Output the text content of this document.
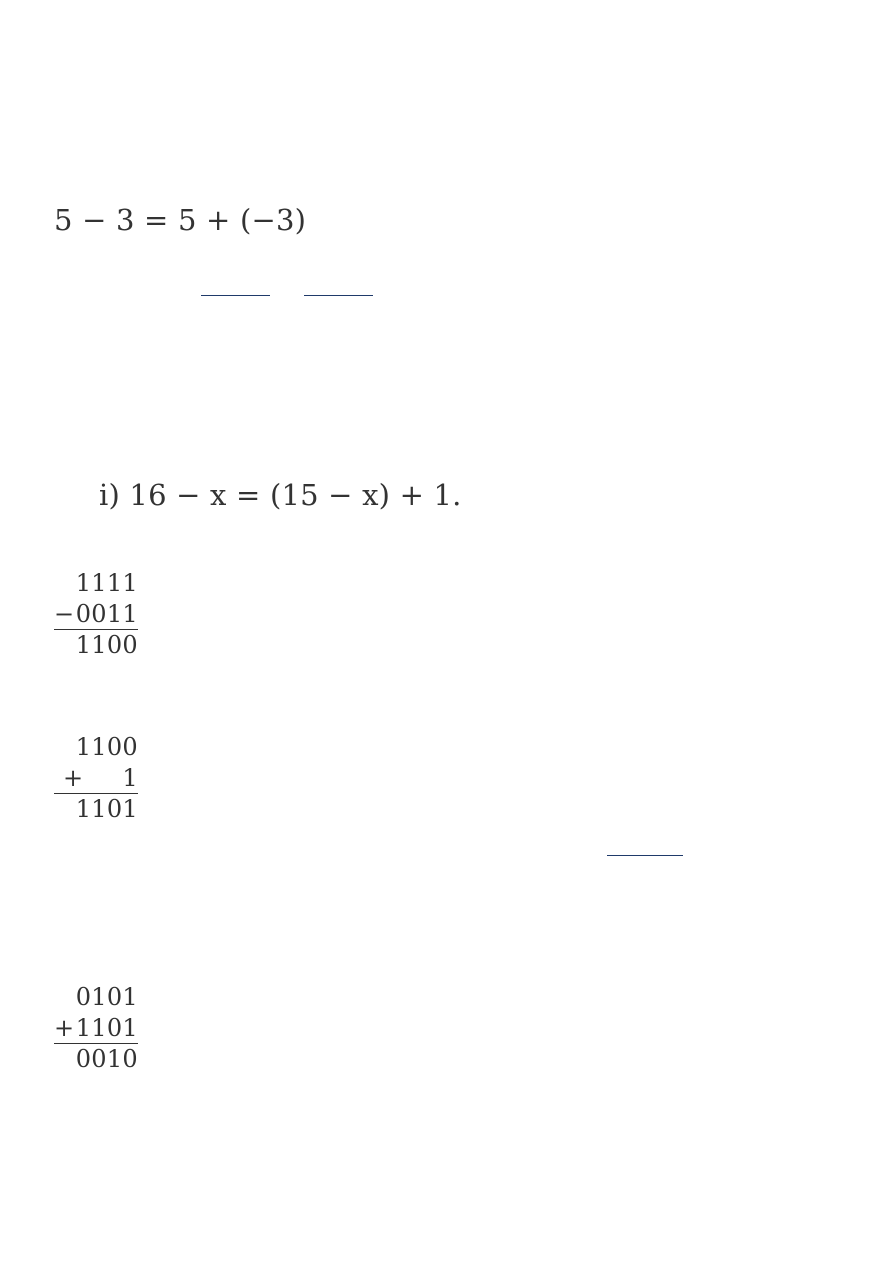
5 − 3 = 5 + (−3)
i) 16 − x = (15 − x) + 1.
1111
− 0011
1100
1100
+ 1
1101
0101
+ 1101
0010
